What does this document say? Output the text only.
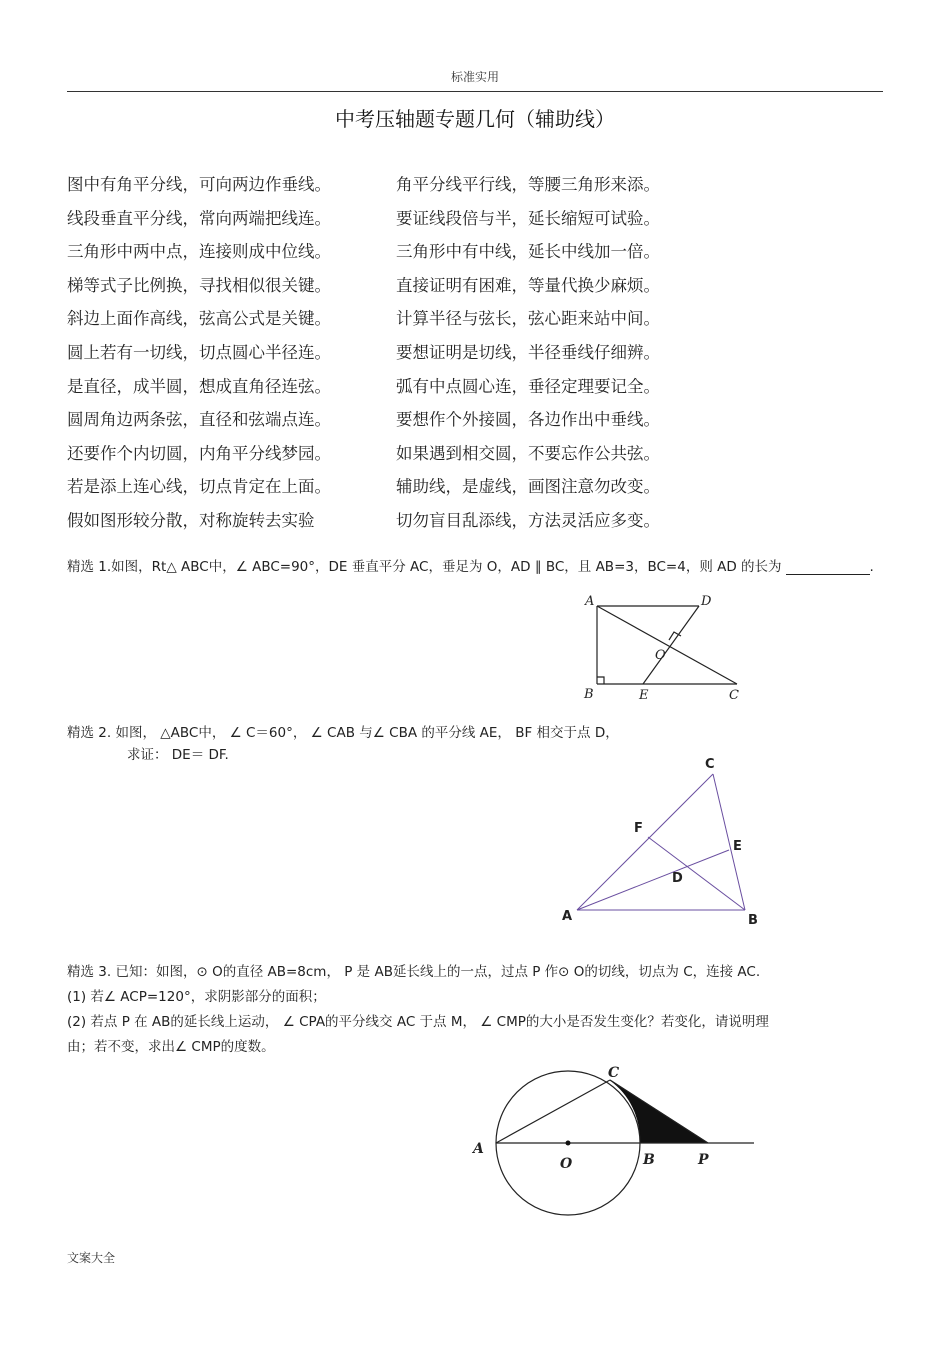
标准实用
中考压轴题专题几何（辅助线）
图中有角平分线，可向两边作垂线。	角平分线平行线，等腰三角形来添。
线段垂直平分线，常向两端把线连。	要证线段倍与半，延长缩短可试验。
三角形中两中点，连接则成中位线。	三角形中有中线，延长中线加一倍。
梯等式子比例换，寻找相似很关键。	直接证明有困难，等量代换少麻烦。
斜边上面作高线，弦高公式是关键。	计算半径与弦长，弦心距来站中间。
圆上若有一切线，切点圆心半径连。	要想证明是切线，半径垂线仔细辨。
是直径，成半圆，想成直角径连弦。	弧有中点圆心连，垂径定理要记全。
圆周角边两条弦，直径和弦端点连。	要想作个外接圆，各边作出中垂线。
还要作个内切圆，内角平分线梦园。	如果遇到相交圆，不要忘作公共弦。
若是添上连心线，切点肯定在上面。	辅助线，是虚线，画图注意勿改变。
假如图形较分散，对称旋转去实验	切勿盲目乱添线，方法灵活应多变。
精选 1.如图，Rt△ ABC中，∠ ABC=90°，DE 垂直平分 AC，垂足为 O，AD ∥ BC，且 AB=3，BC=4，则 AD 的长为	.
A	D
O
B	E	C
精选 2. 如图， △ABC中， ∠ C＝60°， ∠ CAB 与∠ CBA 的平分线 AE， BF 相交于点 D，
求证： DE＝ DF.
C
F
E
D
A	B
精选 3. 已知：如图，⊙ O的直径 AB=8cm， P 是 AB延长线上的一点，过点 P 作⊙ O的切线，切点为 C，连接 AC.
(1) 若∠ ACP=120°，求阴影部分的面积；
(2) 若点 P 在 AB的延长线上运动， ∠ CPA的平分线交 AC 于点 M， ∠ CMP的大小是否发生变化？若变化，请说明理
由；若不变，求出∠ CMP的度数。
C
A
O	B	P
文案大全
